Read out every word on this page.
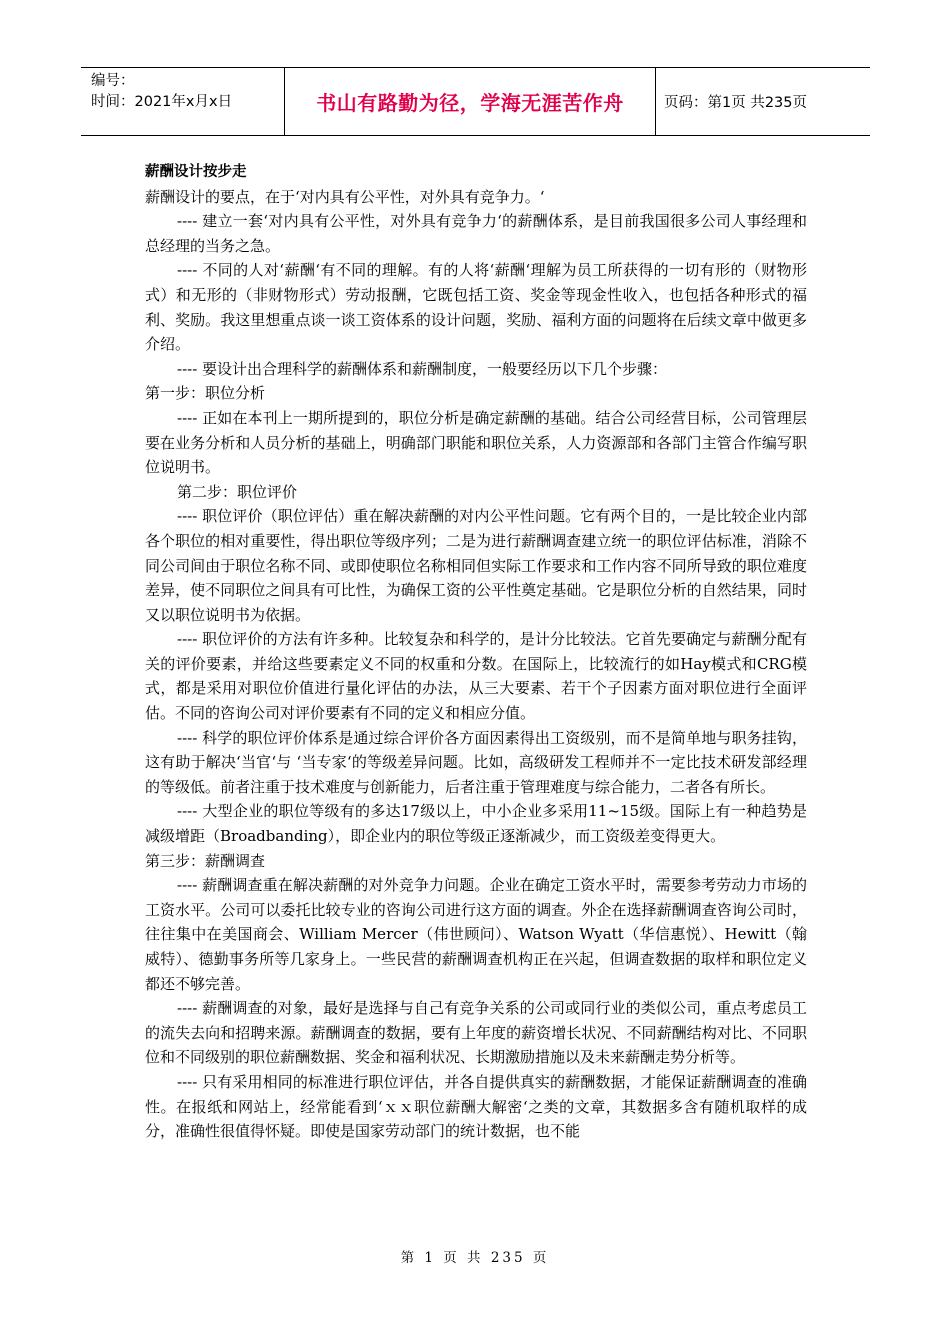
编号：
时间：2021年x月x日	书山有路勤为径，学海无涯苦作舟	页码：第1页 共235页

薪酬设计按步走

薪酬设计的要点，在于‘对内具有公平性，对外具有竞争力。‘

---- 建立一套‘对内具有公平性，对外具有竞争力‘的薪酬体系，是目前我国很多公司人事经理和总经理的当务之急。

---- 不同的人对‘薪酬‘有不同的理解。有的人将‘薪酬‘理解为员工所获得的一切有形的（财物形式）和无形的（非财物形式）劳动报酬，它既包括工资、奖金等现金性收入，也包括各种形式的福利、奖励。我这里想重点谈一谈工资体系的设计问题，奖励、福利方面的问题将在后续文章中做更多介绍。

---- 要设计出合理科学的薪酬体系和薪酬制度，一般要经历以下几个步骤：

第一步：职位分析

---- 正如在本刊上一期所提到的，职位分析是确定薪酬的基础。结合公司经营目标，公司管理层要在业务分析和人员分析的基础上，明确部门职能和职位关系，人力资源部和各部门主管合作编写职位说明书。

第二步：职位评价

---- 职位评价（职位评估）重在解决薪酬的对内公平性问题。它有两个目的，一是比较企业内部各个职位的相对重要性，得出职位等级序列；二是为进行薪酬调查建立统一的职位评估标准，消除不同公司间由于职位名称不同、或即使职位名称相同但实际工作要求和工作内容不同所导致的职位难度差异，使不同职位之间具有可比性，为确保工资的公平性奠定基础。它是职位分析的自然结果，同时又以职位说明书为依据。

---- 职位评价的方法有许多种。比较复杂和科学的，是计分比较法。它首先要确定与薪酬分配有关的评价要素，并给这些要素定义不同的权重和分数。在国际上，比较流行的如Hay模式和CRG模式，都是采用对职位价值进行量化评估的办法，从三大要素、若干个子因素方面对职位进行全面评估。不同的咨询公司对评价要素有不同的定义和相应分值。

---- 科学的职位评价体系是通过综合评价各方面因素得出工资级别，而不是简单地与职务挂钩，这有助于解决‘当官‘与 ‘当专家‘的等级差异问题。比如，高级研发工程师并不一定比技术研发部经理的等级低。前者注重于技术难度与创新能力，后者注重于管理难度与综合能力，二者各有所长。

---- 大型企业的职位等级有的多达17级以上，中小企业多采用11~15级。国际上有一种趋势是减级增距（Broadbanding），即企业内的职位等级正逐渐减少，而工资级差变得更大。

第三步：薪酬调查

---- 薪酬调查重在解决薪酬的对外竞争力问题。企业在确定工资水平时，需要参考劳动力市场的工资水平。公司可以委托比较专业的咨询公司进行这方面的调查。外企在选择薪酬调查咨询公司时，往往集中在美国商会、William Mercer（伟世顾问）、Watson Wyatt（华信惠悦）、Hewitt（翰威特）、德勤事务所等几家身上。一些民营的薪酬调查机构正在兴起，但调查数据的取样和职位定义都还不够完善。

---- 薪酬调查的对象，最好是选择与自己有竞争关系的公司或同行业的类似公司，重点考虑员工的流失去向和招聘来源。薪酬调查的数据，要有上年度的薪资增长状况、不同薪酬结构对比、不同职位和不同级别的职位薪酬数据、奖金和福利状况、长期激励措施以及未来薪酬走势分析等。

---- 只有采用相同的标准进行职位评估，并各自提供真实的薪酬数据，才能保证薪酬调查的准确性。在报纸和网站上，经常能看到‘ｘｘ职位薪酬大解密‘之类的文章，其数据多含有随机取样的成分，准确性很值得怀疑。即使是国家劳动部门的统计数据，也不能

第 1 页 共 235 页
